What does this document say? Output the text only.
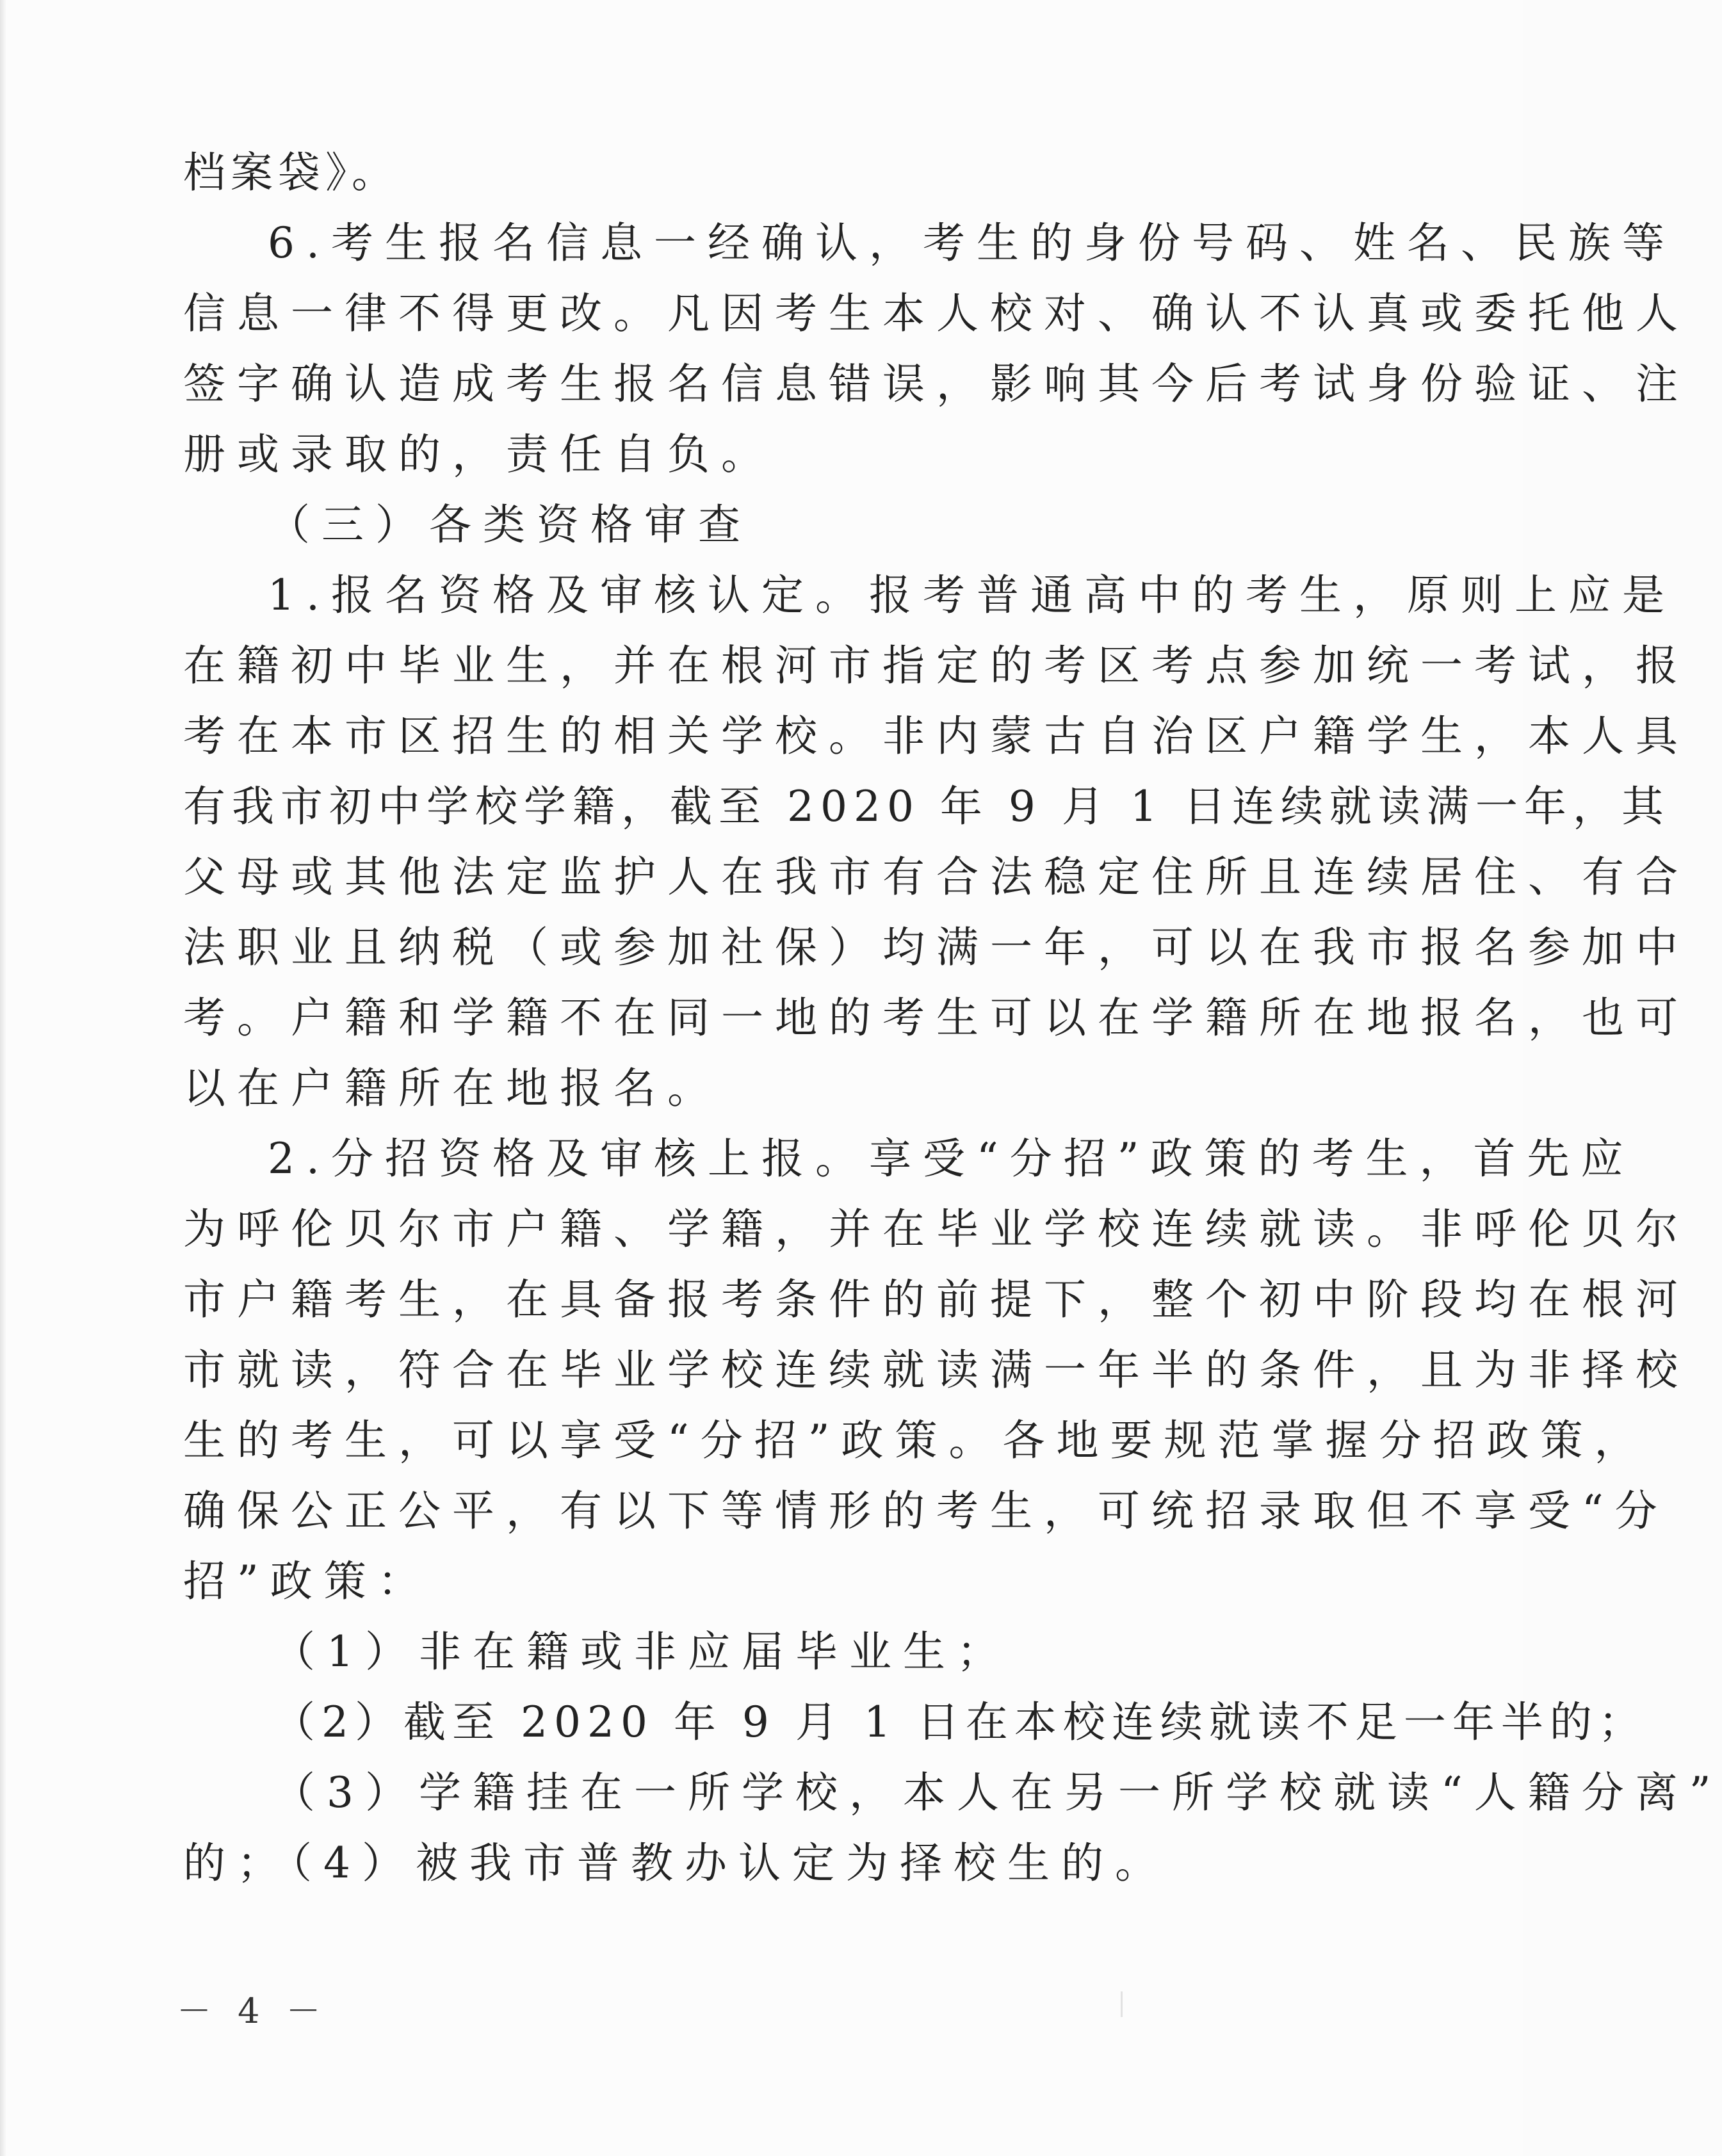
档案袋》。
6.考生报名信息一经确认，考生的身份号码、姓名、民族等
信息一律不得更改。凡因考生本人校对、确认不认真或委托他人
签字确认造成考生报名信息错误，影响其今后考试身份验证、注
册或录取的，责任自负。
（三）各类资格审查
1.报名资格及审核认定。报考普通高中的考生，原则上应是
在籍初中毕业生，并在根河市指定的考区考点参加统一考试，报
考在本市区招生的相关学校。非内蒙古自治区户籍学生，本人具
有我市初中学校学籍，截至 2020 年 9 月 1 日连续就读满一年，其
父母或其他法定监护人在我市有合法稳定住所且连续居住、有合
法职业且纳税（或参加社保）均满一年，可以在我市报名参加中
考。户籍和学籍不在同一地的考生可以在学籍所在地报名，也可
以在户籍所在地报名。
2.分招资格及审核上报。享受“分招”政策的考生，首先应
为呼伦贝尔市户籍、学籍，并在毕业学校连续就读。非呼伦贝尔
市户籍考生，在具备报考条件的前提下，整个初中阶段均在根河
市就读，符合在毕业学校连续就读满一年半的条件，且为非择校
生的考生，可以享受“分招”政策。各地要规范掌握分招政策，
确保公正公平，有以下等情形的考生，可统招录取但不享受“分
招”政策：
（1）非在籍或非应届毕业生；
（2）截至 2020 年 9 月 1 日在本校连续就读不足一年半的；
（3）学籍挂在一所学校，本人在另一所学校就读“人籍分离”
的；（4）被我市普教办认定为择校生的。
－ 4 －
